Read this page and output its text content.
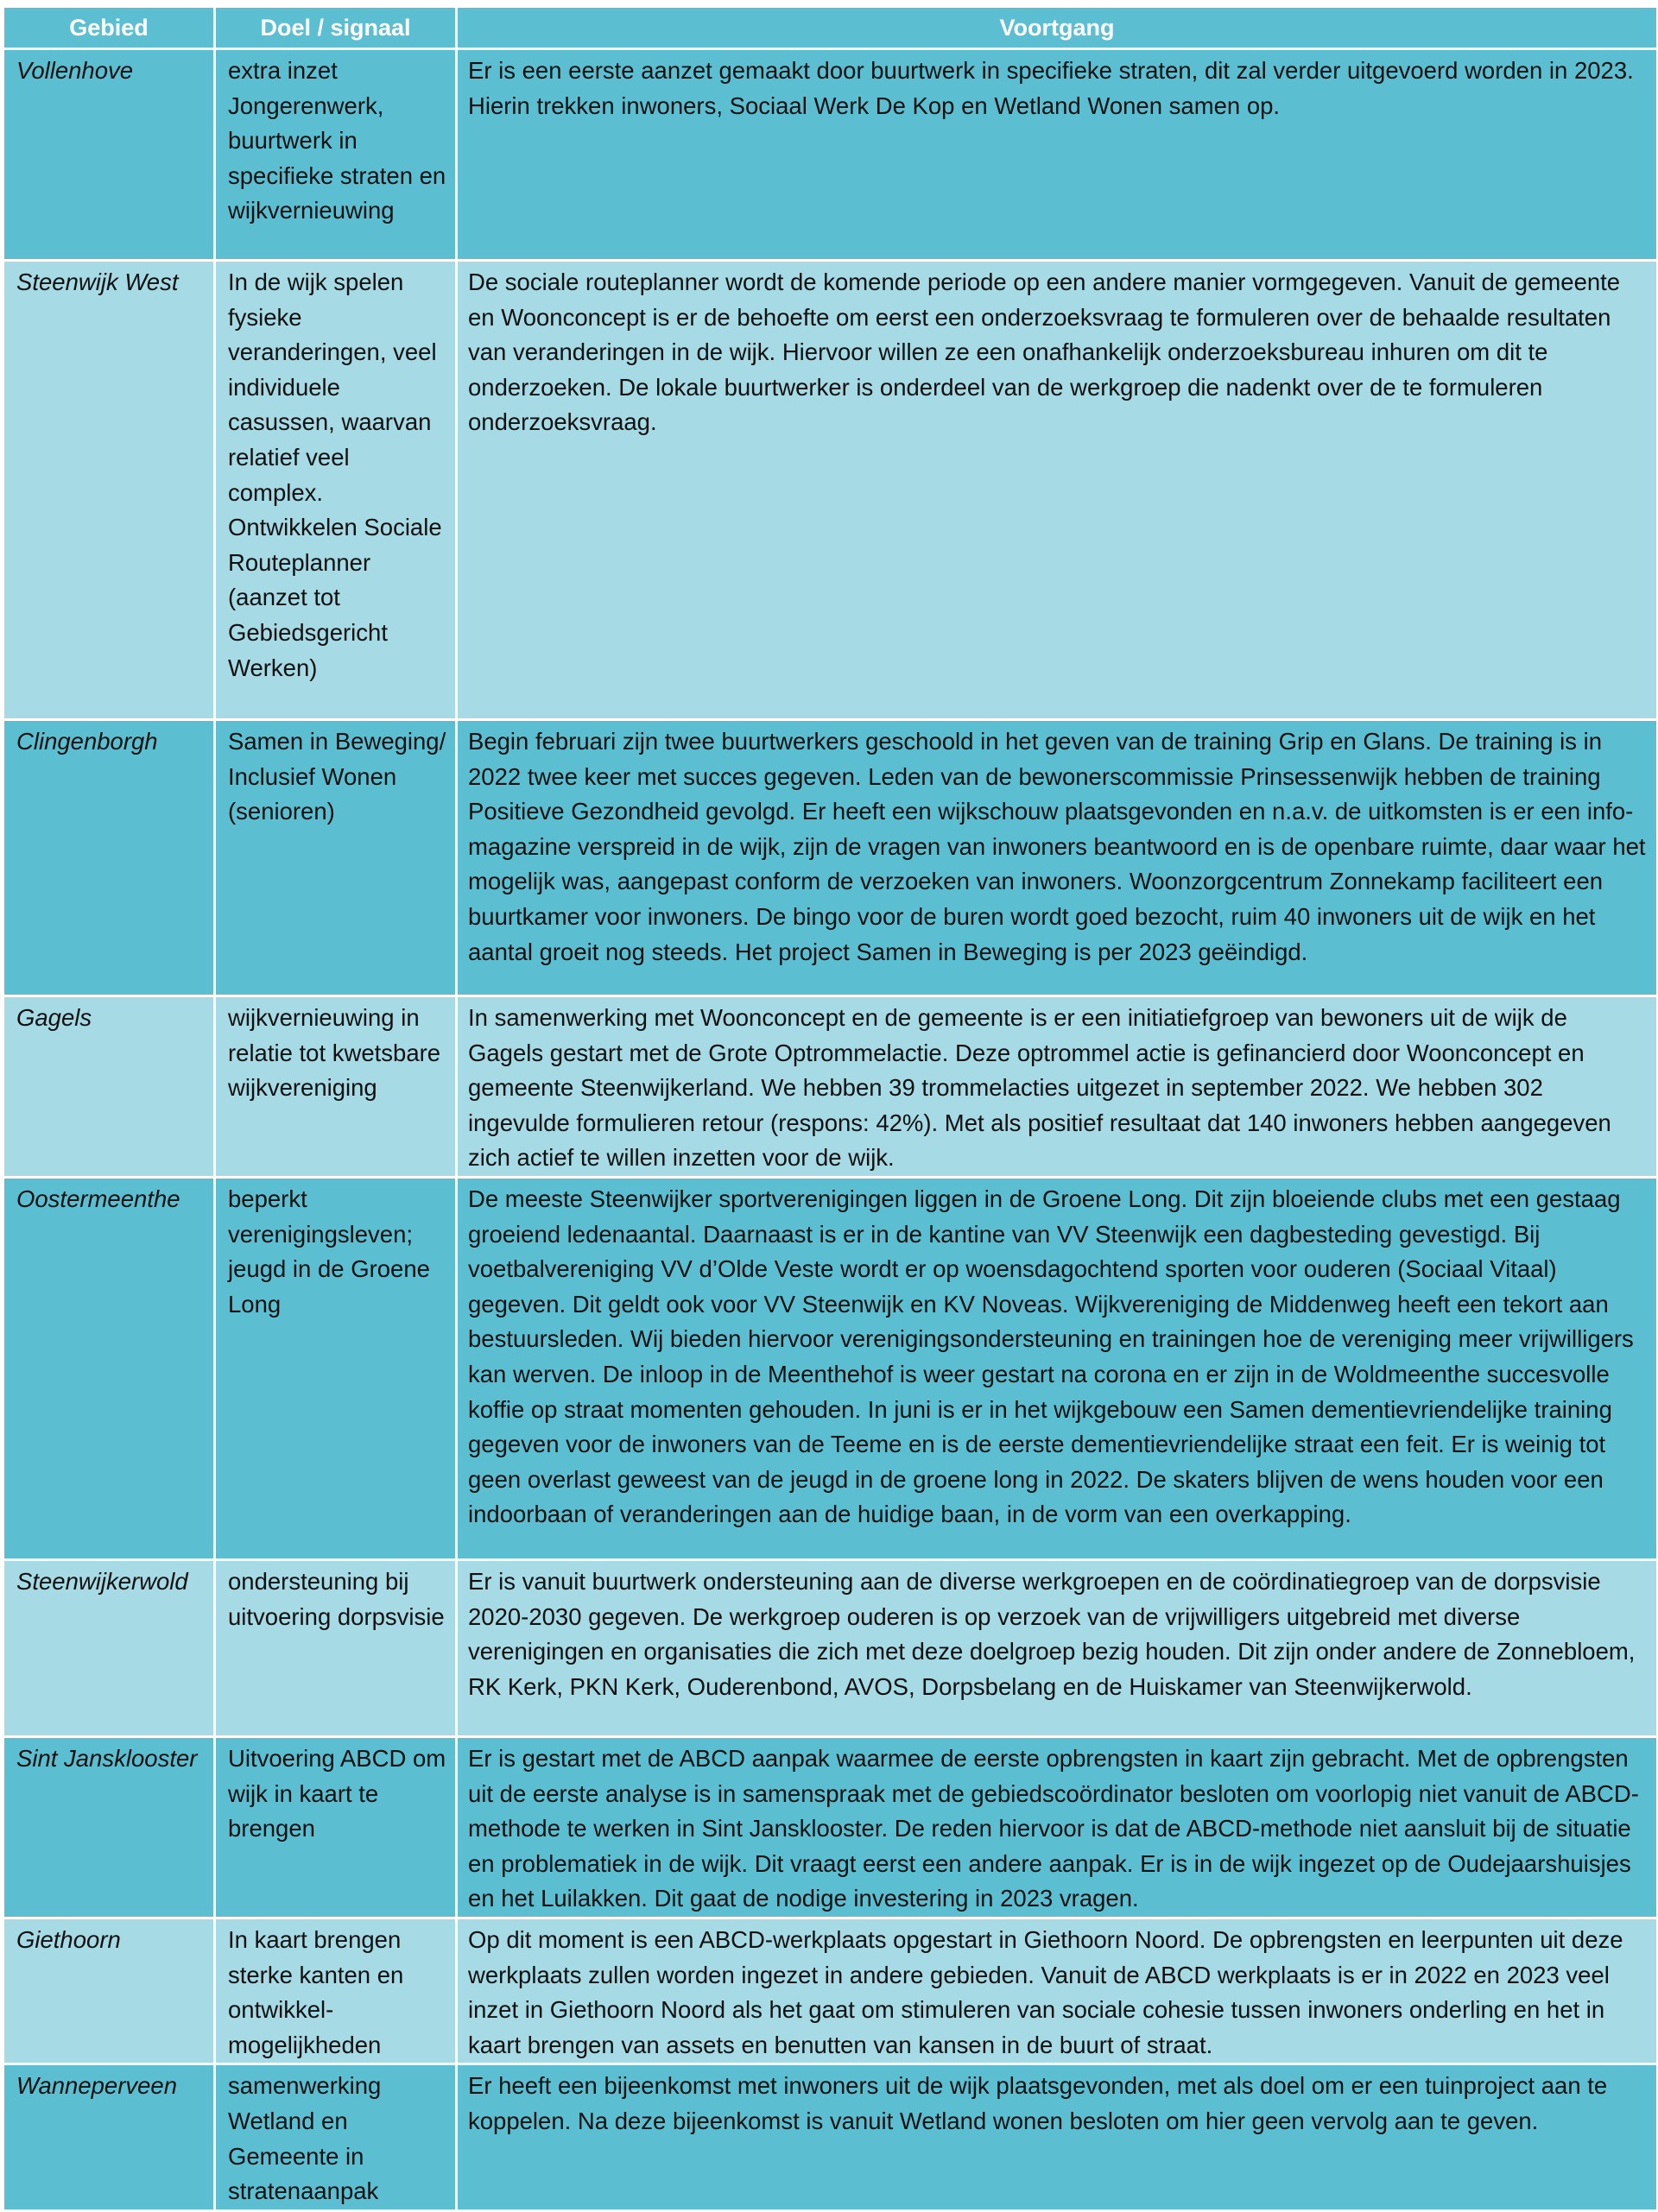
Gebied	Doel / signaal	Voortgang
Vollenhove	extra inzet Jongerenwerk, buurtwerk in specifieke straten en wijkvernieuwing	Er is een eerste aanzet gemaakt door buurtwerk in specifieke straten, dit zal verder uitgevoerd worden in 2023. Hierin trekken inwoners, Sociaal Werk De Kop en Wetland Wonen samen op.
Steenwijk West	In de wijk spelen fysieke veranderingen, veel individuele casussen, waarvan relatief veel complex. Ontwikkelen Sociale Routeplanner (aanzet tot Gebiedsgericht Werken)	De sociale routeplanner wordt de komende periode op een andere manier vormgegeven. Vanuit de gemeente en Woonconcept is er de behoefte om eerst een onderzoeksvraag te formuleren over de behaalde resultaten van veranderingen in de wijk. Hiervoor willen ze een onafhankelijk onderzoeksbureau inhuren om dit te onderzoeken. De lokale buurtwerker is onderdeel van de werkgroep die nadenkt over de te formuleren onderzoeksvraag.
Clingenborgh	Samen in Beweging/ Inclusief Wonen (senioren)	Begin februari zijn twee buurtwerkers geschoold in het geven van de training Grip en Glans. De training is in 2022 twee keer met succes gegeven. Leden van de bewonerscommissie Prinsessenwijk hebben de training Positieve Gezondheid gevolgd. Er heeft een wijkschouw plaatsgevonden en n.a.v. de uitkomsten is er een info-magazine verspreid in de wijk, zijn de vragen van inwoners beantwoord en is de openbare ruimte, daar waar het mogelijk was, aangepast conform de verzoeken van inwoners. Woonzorgcentrum Zonnekamp faciliteert een buurtkamer voor inwoners. De bingo voor de buren wordt goed bezocht, ruim 40 inwoners uit de wijk en het aantal groeit nog steeds. Het project Samen in Beweging is per 2023 geëindigd.
Gagels	wijkvernieuwing in relatie tot kwetsbare wijkvereniging	In samenwerking met Woonconcept en de gemeente is er een initiatiefgroep van bewoners uit de wijk de Gagels gestart met de Grote Optrommelactie. Deze optrommel actie is gefinancierd door Woonconcept en gemeente Steenwijkerland. We hebben 39 trommelacties uitgezet in september 2022. We hebben 302 ingevulde formulieren retour (respons: 42%). Met als positief resultaat dat 140 inwoners hebben aangegeven zich actief te willen inzetten voor de wijk.
Oostermeenthe	beperkt verenigingsleven; jeugd in de Groene Long	De meeste Steenwijker sportverenigingen liggen in de Groene Long. Dit zijn bloeiende clubs met een gestaag groeiend ledenaantal. Daarnaast is er in de kantine van VV Steenwijk een dagbesteding gevestigd. Bij voetbalvereniging VV d’Olde Veste wordt er op woensdagochtend sporten voor ouderen (Sociaal Vitaal) gegeven. Dit geldt ook voor VV Steenwijk en KV Noveas. Wijkvereniging de Middenweg heeft een tekort aan bestuursleden. Wij bieden hiervoor verenigingsondersteuning en trainingen hoe de vereniging meer vrijwilligers kan werven. De inloop in de Meenthehof is weer gestart na corona en er zijn in de Woldmeenthe succesvolle koffie op straat momenten gehouden. In juni is er in het wijkgebouw een Samen dementievriendelijke training gegeven voor de inwoners van de Teeme en is de eerste dementievriendelijke straat een feit. Er is weinig tot geen overlast geweest van de jeugd in de groene long in 2022. De skaters blijven de wens houden voor een indoorbaan of veranderingen aan de huidige baan, in de vorm van een overkapping.
Steenwijkerwold	ondersteuning bij uitvoering dorpsvisie	Er is vanuit buurtwerk ondersteuning aan de diverse werkgroepen en de coördinatiegroep van de dorpsvisie 2020-2030 gegeven. De werkgroep ouderen is op verzoek van de vrijwilligers uitgebreid met diverse verenigingen en organisaties die zich met deze doelgroep bezig houden. Dit zijn onder andere de Zonnebloem, RK Kerk, PKN Kerk, Ouderenbond, AVOS, Dorpsbelang en de Huiskamer van Steenwijkerwold.
Sint Jansklooster	Uitvoering ABCD om wijk in kaart te brengen	Er is gestart met de ABCD aanpak waarmee de eerste opbrengsten in kaart zijn gebracht. Met de opbrengsten uit de eerste analyse is in samenspraak met de gebiedscoördinator besloten om voorlopig niet vanuit de ABCD-methode te werken in Sint Jansklooster. De reden hiervoor is dat de ABCD-methode niet aansluit bij de situatie en problematiek in de wijk. Dit vraagt eerst een andere aanpak. Er is in de wijk ingezet op de Oudejaarshuisjes en het Luilakken. Dit gaat de nodige investering in 2023 vragen.
Giethoorn	In kaart brengen sterke kanten en ontwikkel-mogelijkheden	Op dit moment is een ABCD-werkplaats opgestart in Giethoorn Noord. De opbrengsten en leerpunten uit deze werkplaats zullen worden ingezet in andere gebieden. Vanuit de ABCD werkplaats is er in 2022 en 2023 veel inzet in Giethoorn Noord als het gaat om stimuleren van sociale cohesie tussen inwoners onderling en het in kaart brengen van assets en benutten van kansen in de buurt of straat.
Wanneperveen	samenwerking Wetland en Gemeente in stratenaanpak	Er heeft een bijeenkomst met inwoners uit de wijk plaatsgevonden, met als doel om er een tuinproject aan te koppelen. Na deze bijeenkomst is vanuit Wetland wonen besloten om hier geen vervolg aan te geven.
